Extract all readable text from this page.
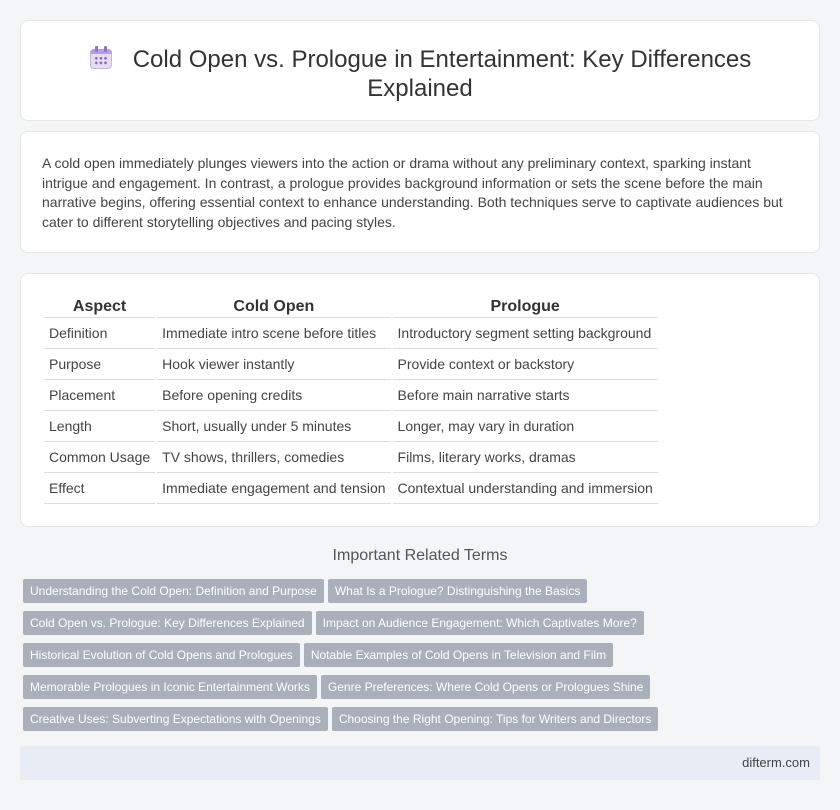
Cold Open vs. Prologue in Entertainment: Key Differences
Explained

A cold open immediately plunges viewers into the action or drama without any preliminary context, sparking instant intrigue and engagement. In contrast, a prologue provides background information or sets the scene before the main narrative begins, offering essential context to enhance understanding. Both techniques serve to captivate audiences but cater to different storytelling objectives and pacing styles.

Aspect	Cold Open	Prologue
Definition	Immediate intro scene before titles	Introductory segment setting background
Purpose	Hook viewer instantly	Provide context or backstory
Placement	Before opening credits	Before main narrative starts
Length	Short, usually under 5 minutes	Longer, may vary in duration
Common Usage	TV shows, thrillers, comedies	Films, literary works, dramas
Effect	Immediate engagement and tension	Contextual understanding and immersion
Important Related Terms
Understanding the Cold Open: Definition and Purpose What Is a Prologue? Distinguishing the Basics
Cold Open vs. Prologue: Key Differences Explained Impact on Audience Engagement: Which Captivates More?
Historical Evolution of Cold Opens and Prologues Notable Examples of Cold Opens in Television and Film
Memorable Prologues in Iconic Entertainment Works Genre Preferences: Where Cold Opens or Prologues Shine
Creative Uses: Subverting Expectations with Openings Choosing the Right Opening: Tips for Writers and Directors
difterm.com
